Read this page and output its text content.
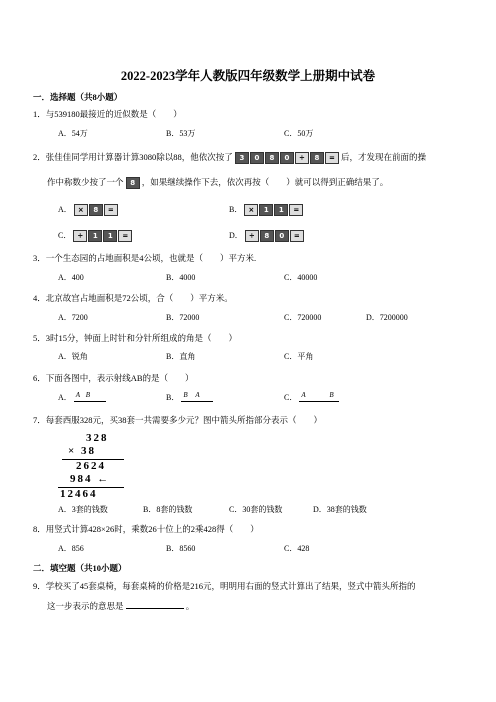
2022-2023学年人教版四年级数学上册期中试卷
一．选择题（共8小题）
1．与539180最接近的近似数是（　　）
A．54万	B．53万	C．50万
2．张佳佳同学用计算器计算3080除以88，他依次按了 3	0	8	0	÷	8	= 后，才发现在前面的操
作中称数少按了一个 8 ，如果继续操作下去，依次再按（　　）就可以得到正确结果了。
A． ×	8	=	B． ×	1	1	=
C． ÷	1	1	=	D． ÷	8	0	=
3．一个生态园的占地面积是4公顷，也就是（　　）平方米.
A．400	B．4000	C．40000
4．北京故宫占地面积是72公顷，合（　　）平方米。
A．7200	B．72000	C．720000	D．7200000
5．3时15分，钟面上时针和分针所组成的角是（　　）
A．锐角	B．直角	C．平角
6．下面各图中，表示射线AB的是（　　）
A． A B	B． B A	C． A	B
7．每套西服328元，买38套一共需要多少元？图中箭头所指部分表示（　　）
328
× 38
2624
984 ←
12464
A．3套的钱数	B．8套的钱数	C．30套的钱数	D．38套的钱数
8．用竖式计算428×26时，乘数26十位上的2乘428得（　　）
A．856	B．8560	C．428
二．填空题（共10小题）
9．学校买了45套桌椅，每套桌椅的价格是216元，明明用右面的竖式计算出了结果，竖式中箭头所指的
这一步表示的意思是	。
